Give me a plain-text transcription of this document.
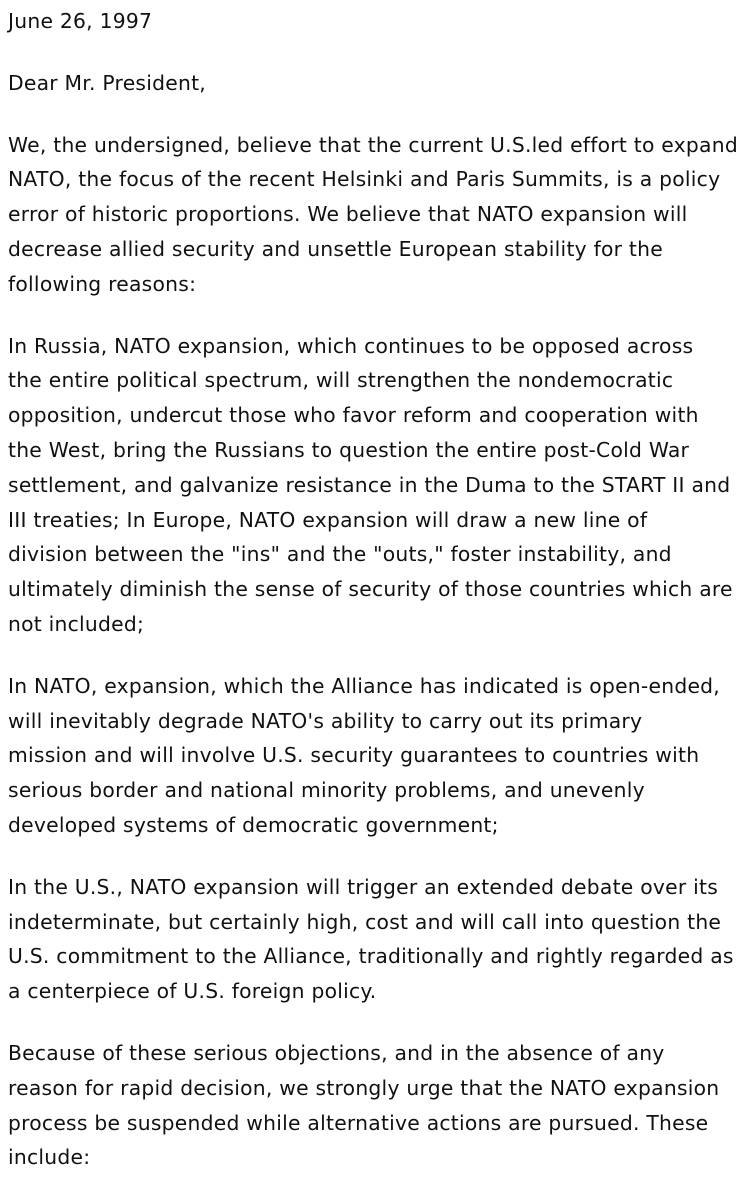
June 26, 1997

Dear Mr. President,

We, the undersigned, believe that the current U.S.led effort to expand
NATO, the focus of the recent Helsinki and Paris Summits, is a policy
error of historic proportions. We believe that NATO expansion will
decrease allied security and unsettle European stability for the
following reasons:

In Russia, NATO expansion, which continues to be opposed across
the entire political spectrum, will strengthen the nondemocratic
opposition, undercut those who favor reform and cooperation with
the West, bring the Russians to question the entire post-Cold War
settlement, and galvanize resistance in the Duma to the START II and
III treaties; In Europe, NATO expansion will draw a new line of
division between the "ins" and the "outs," foster instability, and
ultimately diminish the sense of security of those countries which are
not included;

In NATO, expansion, which the Alliance has indicated is open-ended,
will inevitably degrade NATO's ability to carry out its primary
mission and will involve U.S. security guarantees to countries with
serious border and national minority problems, and unevenly
developed systems of democratic government;

In the U.S., NATO expansion will trigger an extended debate over its
indeterminate, but certainly high, cost and will call into question the
U.S. commitment to the Alliance, traditionally and rightly regarded as
a centerpiece of U.S. foreign policy.

Because of these serious objections, and in the absence of any
reason for rapid decision, we strongly urge that the NATO expansion
process be suspended while alternative actions are pursued. These
include:
